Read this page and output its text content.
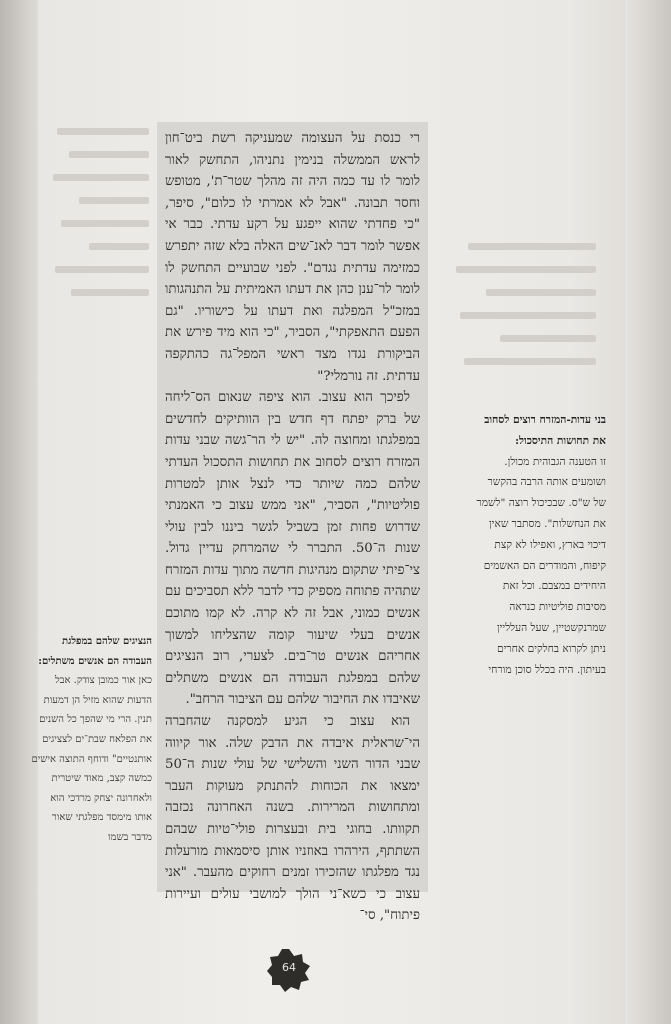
רי כנסת על העצומה שמעניקה רשת ביט־חון לראש הממשלה בנימין נתניהו, התחשק לאור לומר לו עד כמה היה זה מהלך שטר־ת', מטופש וחסר תבונה. "אבל לא אמרתי לו כלום", סיפר, "כי פחדתי שהוא ייפגע על רקע עדתי. כבר אי אפשר לומר דבר לאנ־שים האלה בלא שזה יתפרש כמזימה עדתית נגדם". לפני שבועיים התחשק לו לומר לר־ענן כהן את דעתו האמיתית על התנהגותו במזכ"ל המפלגה ואת דעתו על כישוריו. "גם הפעם התאפקתי", הסביר, "כי הוא מיד פירש את הביקורת נגדו מצד ראשי המפל־גה כהתקפה עדתית. זה נורמלי?"

לפיכך הוא עצוב. הוא ציפה שנאום הס־ליחה של ברק יפתח דף חדש בין הוותיקים לחדשים במפלגתו ומחוצה לה. "יש לי הר־גשה שבני עדות המזרח רוצים לסחוב את תחושות התסכול העדתי שלהם כמה שיותר כדי לנצל אותן למטרות פוליטיות", הסביר, "אני ממש עצוב כי האמנתי שדרוש פחות זמן בשביל לגשר ביננו לבין עולי שנות ה־50. התברר לי שהמרחק עדיין גדול. צי־פיתי שתקום מנהיגות חדשה מתוך עדות המזרח שתהיה פתוחה מספיק כדי לדבר ללא תסביכים עם אנשים כמוני, אבל זה לא קרה. לא קמו מתוכם אנשים בעלי שיעור קומה שהצליחו למשוך אחריהם אנשים טר־בים. לצערי, רוב הנציגים שלהם במפלגת העבודה הם אנשים משתלים שאיבדו את החיבור שלהם עם הציבור הרחב".

הוא עצוב כי הגיע למסקנה שהחברה הי־שראלית איבדה את הדבק שלה. אור קיווה שבני הדור השני והשלישי של עולי שנות ה־50 ימצאו את הכוחות להתנתק מעוקות העבר ומתחושות המרירות. בשנה האחרונה נכזבה תקוותו. בחוגי בית ובעצרות פולי־טיות שבהם השתתף, הירהרו באוזניו אותן סיסמאות מורעלות נגד מפלגתו שהזכירו זמנים רחוקים מהעבר. "אני עצוב כי כשא־ני הולך למושבי עולים ועיירות פיתוח", סי־

בני עדות-המזרח רוצים לסחוב
את תחושות התיסכול:
זו הטענה הגבוהית מכולן.
ושומעים אותה הרבה בהקשר
של ש"ס. שבכיכול רוצה "לשמר
את הנחשלות". מסתבר שאין
דיכוי בארץ, ואפילו לא קצת
קיפוח, והמודרים הם האשמים
היחידים במצבם. וכל זאת
מסיבות פוליטיות כנראה
שמרנקשטיין, שעל העלליין
ניתן לקרוא בחלקים אחרים
בעיתון. היה בכלל סוכן מורחי
הנציגים שלהם במפלגת
העבודה הם אנשים משתלים:
כאן אור כמובן צודק. אבל
הדעות שהוא מזיל הן דמעות
תנין. הרי מי שהפך כל השנים
את הפלאח שבת־ים לצציגים
אותנטיים" ודוחף התוצה אישים
כמשה קצב, מאוד שיטרית
ולאחרונה יצחק מרדכי הוא
אותו מימסד מפלגתי שאור
מדבר בשמו
64
